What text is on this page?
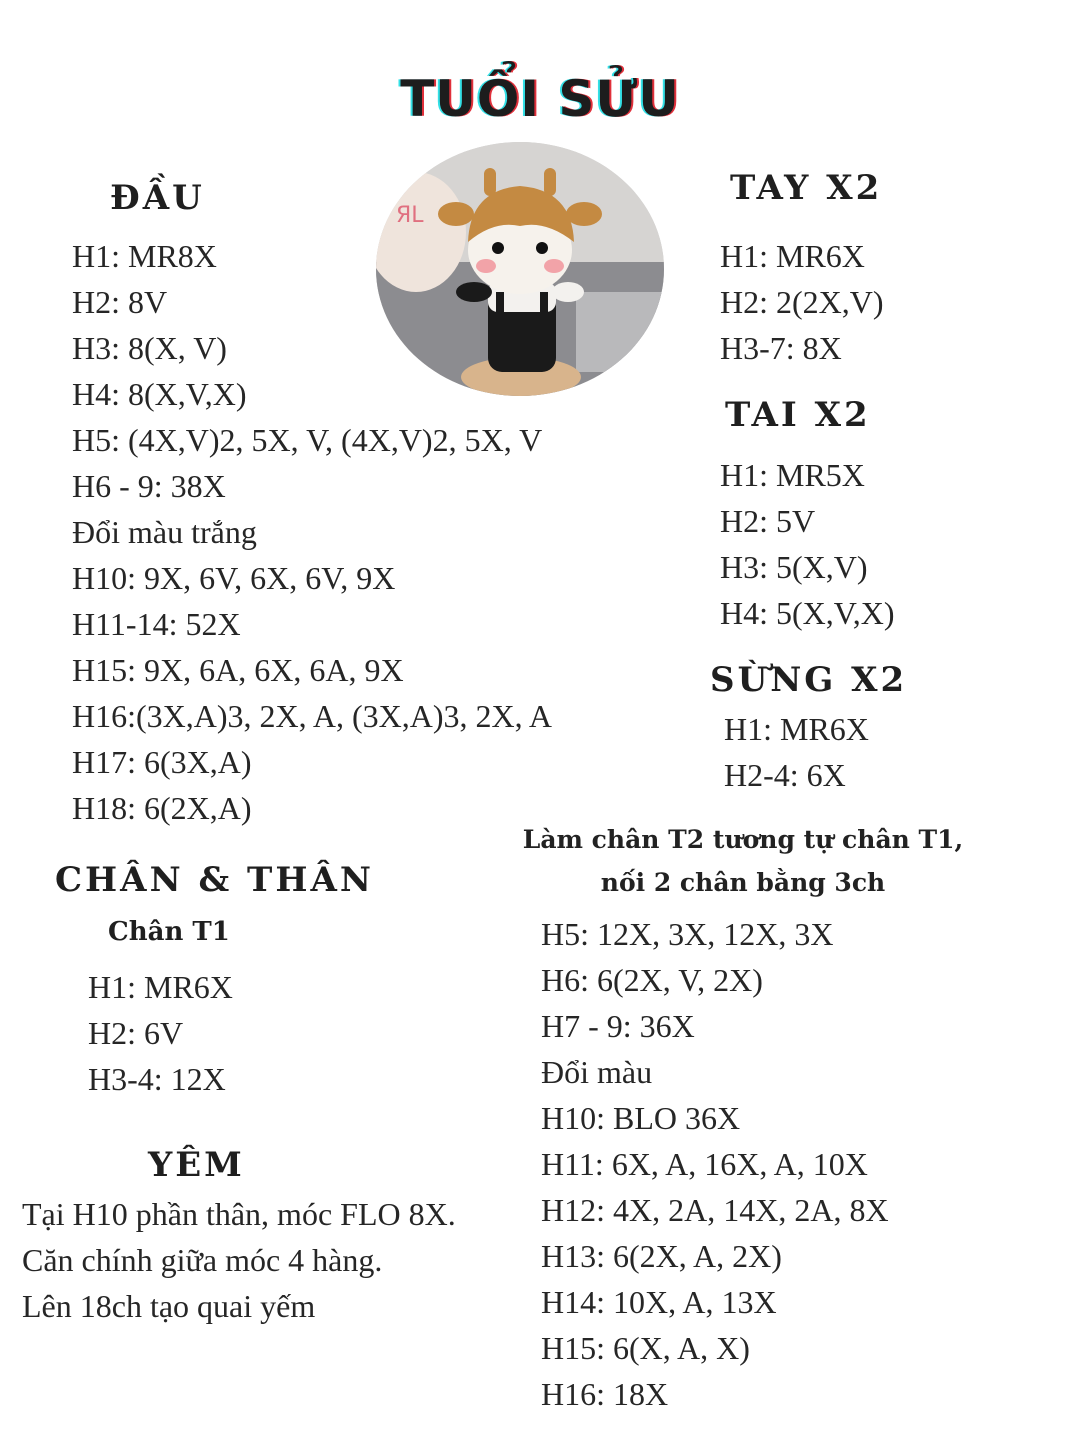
TUỔI SỬU
ЯL
ĐẦU
H1: MR8X
H2: 8V
H3: 8(X, V)
H4: 8(X,V,X)
H5: (4X,V)2, 5X, V, (4X,V)2, 5X, V
H6 - 9: 38X
Đổi màu trắng
H10: 9X, 6V, 6X, 6V, 9X
H11-14: 52X
H15: 9X, 6A, 6X, 6A, 9X
H16:(3X,A)3, 2X, A, (3X,A)3, 2X, A
H17: 6(3X,A)
H18: 6(2X,A)
TAY X2
H1: MR6X
H2: 2(2X,V)
H3-7: 8X
TAI X2
H1: MR5X
H2: 5V
H3: 5(X,V)
H4: 5(X,V,X)
SỪNG X2
H1: MR6X
H2-4: 6X
Làm chân T2 tương tự chân T1,
nối 2 chân bằng 3ch
CHÂN & THÂN
Chân T1
H1: MR6X
H2: 6V
H3-4: 12X
YÊM
Tại H10 phần thân, móc FLO 8X.
Căn chính giữa móc 4 hàng.
Lên 18ch tạo quai yếm
H5: 12X, 3X, 12X, 3X
H6: 6(2X, V, 2X)
H7 - 9: 36X
Đổi màu
H10: BLO 36X
H11: 6X, A, 16X, A, 10X
H12: 4X, 2A, 14X, 2A, 8X
H13: 6(2X, A, 2X)
H14: 10X, A, 13X
H15: 6(X, A, X)
H16: 18X
